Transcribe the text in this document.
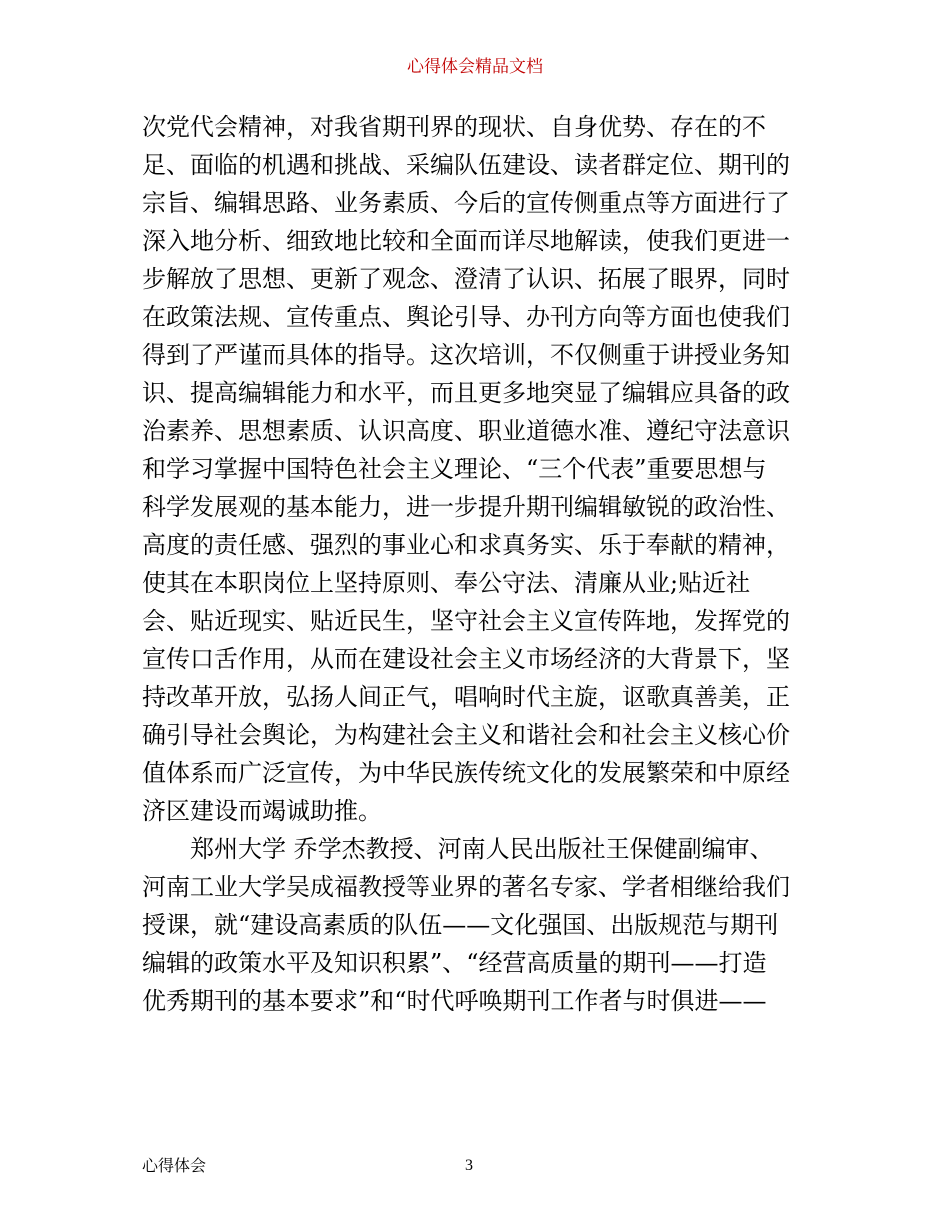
心得体会精品文档
次党代会精神，对我省期刊界的现状、自身优势、存在的不
足、面临的机遇和挑战、采编队伍建设、读者群定位、期刊的
宗旨、编辑思路、业务素质、今后的宣传侧重点等方面进行了
深入地分析、细致地比较和全面而详尽地解读，使我们更进一
步解放了思想、更新了观念、澄清了认识、拓展了眼界，同时
在政策法规、宣传重点、舆论引导、办刊方向等方面也使我们
得到了严谨而具体的指导。这次培训，不仅侧重于讲授业务知
识、提高编辑能力和水平，而且更多地突显了编辑应具备的政
治素养、思想素质、认识高度、职业道德水准、遵纪守法意识
和学习掌握中国特色社会主义理论、“三个代表”重要思想与
科学发展观的基本能力，进一步提升期刊编辑敏锐的政治性、
高度的责任感、强烈的事业心和求真务实、乐于奉献的精神，
使其在本职岗位上坚持原则、奉公守法、清廉从业;贴近社
会、贴近现实、贴近民生，坚守社会主义宣传阵地，发挥党的
宣传口舌作用，从而在建设社会主义市场经济的大背景下，坚
持改革开放，弘扬人间正气，唱响时代主旋，讴歌真善美，正
确引导社会舆论，为构建社会主义和谐社会和社会主义核心价
值体系而广泛宣传，为中华民族传统文化的发展繁荣和中原经
济区建设而竭诚助推。
郑州大学 乔学杰教授、河南人民出版社王保健副编审、
河南工业大学吴成福教授等业界的著名专家、学者相继给我们
授课，就“建设高素质的队伍——文化强国、出版规范与期刊
编辑的政策水平及知识积累”、“经营高质量的期刊——打造
优秀期刊的基本要求”和“时代呼唤期刊工作者与时俱进——
心得体会	3
